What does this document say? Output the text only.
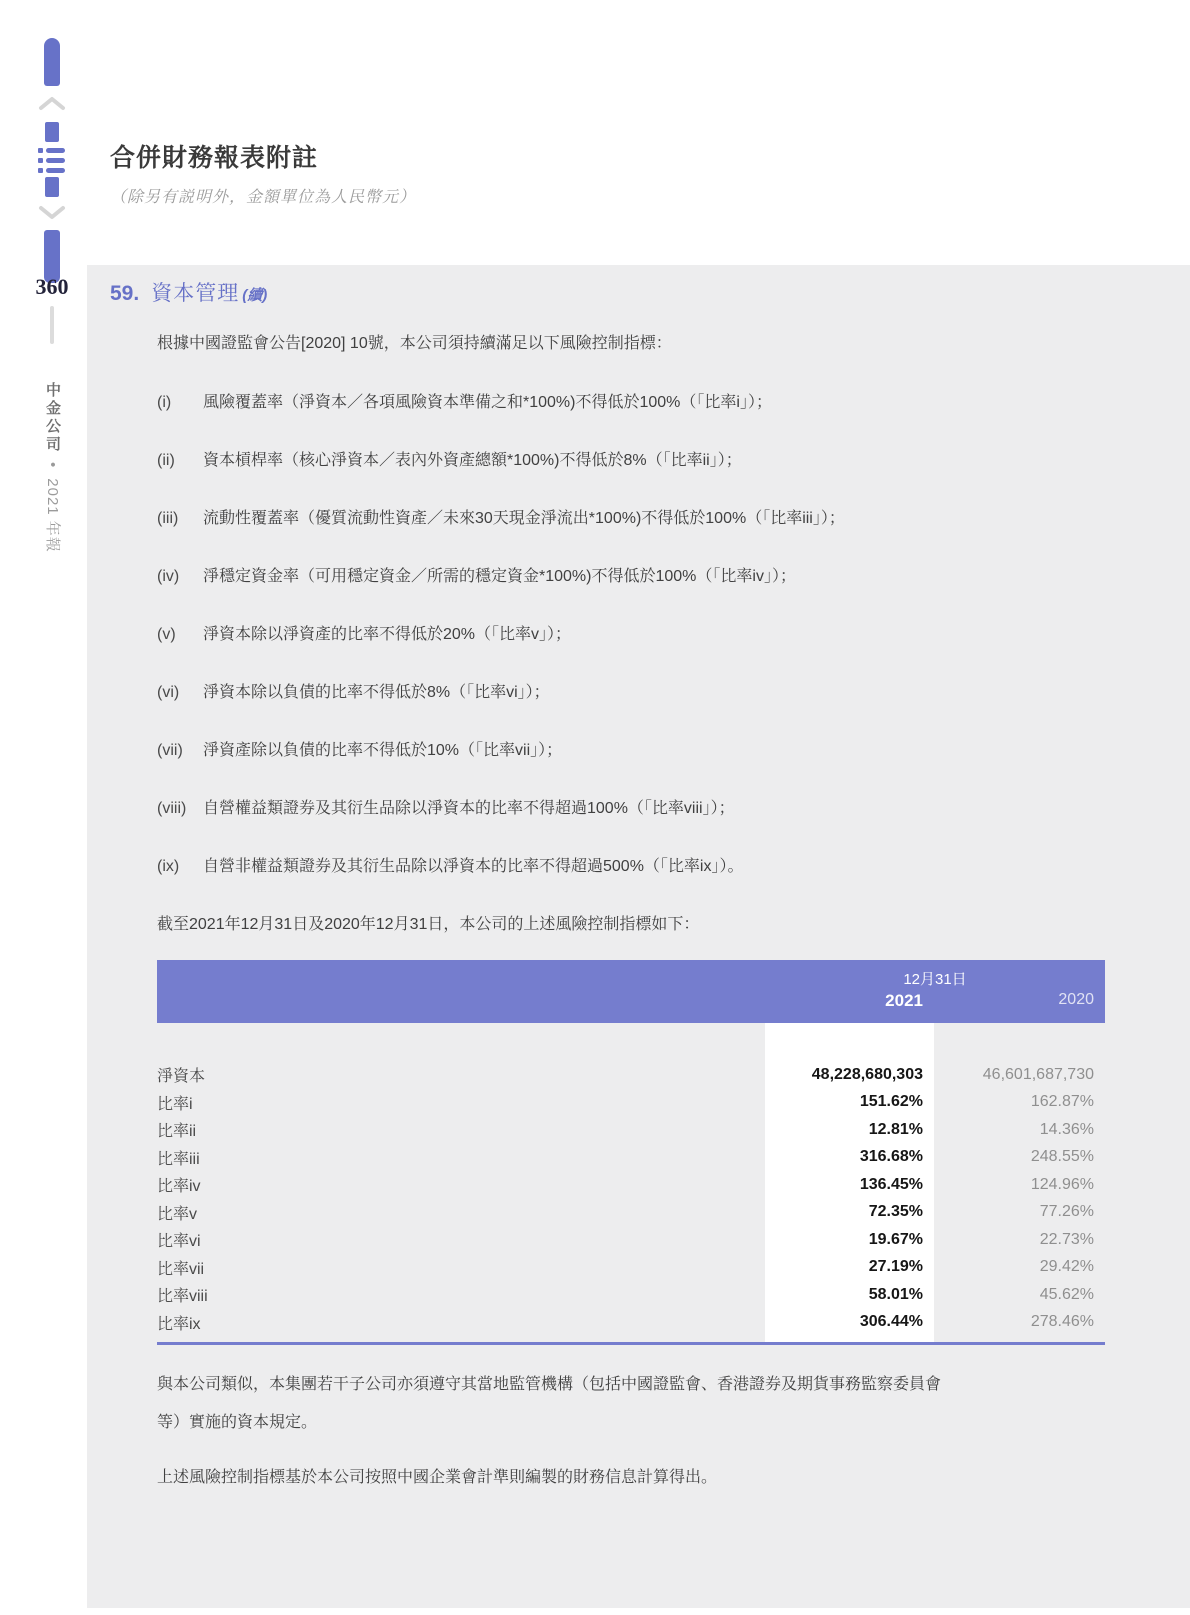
360
中金公司•2021 年報
合併財務報表附註
（除另有説明外，金額單位為人民幣元）
59. 資本管理 (續)
根據中國證監會公告[2020] 10號，本公司須持續滿足以下風險控制指標：
(i)	風險覆蓋率（淨資本／各項風險資本準備之和*100%)不得低於100%（「比率i」）；
(ii)	資本槓桿率（核心淨資本／表內外資產總額*100%)不得低於8%（「比率ii」）；
(iii)	流動性覆蓋率（優質流動性資產／未來30天現金淨流出*100%)不得低於100%（「比率iii」）；
(iv)	淨穩定資金率（可用穩定資金／所需的穩定資金*100%)不得低於100%（「比率iv」）；
(v)	淨資本除以淨資產的比率不得低於20%（「比率v」）；
(vi)	淨資本除以負債的比率不得低於8%（「比率vi」）；
(vii)	淨資產除以負債的比率不得低於10%（「比率vii」）；
(viii)	自營權益類證券及其衍生品除以淨資本的比率不得超過100%（「比率viii」）；
(ix)	自營非權益類證券及其衍生品除以淨資本的比率不得超過500%（「比率ix」）。
截至2021年12月31日及2020年12月31日，本公司的上述風險控制指標如下：
12月31日
2021	2020
淨資本	48,228,680,303	46,601,687,730
比率i	151.62%	162.87%
比率ii	12.81%	14.36%
比率iii	316.68%	248.55%
比率iv	136.45%	124.96%
比率v	72.35%	77.26%
比率vi	19.67%	22.73%
比率vii	27.19%	29.42%
比率viii	58.01%	45.62%
比率ix	306.44%	278.46%
與本公司類似，本集團若干子公司亦須遵守其當地監管機構（包括中國證監會、香港證券及期貨事務監察委員會
等）實施的資本規定。
上述風險控制指標基於本公司按照中國企業會計準則編製的財務信息計算得出。
